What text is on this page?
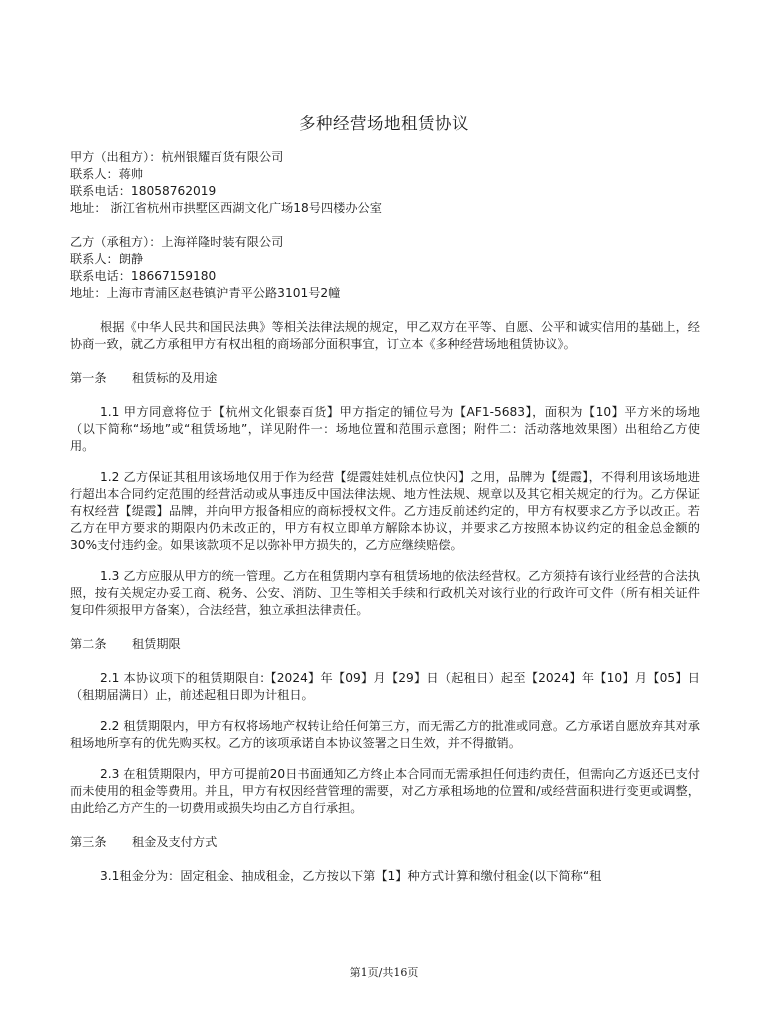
多种经营场地租赁协议
甲方（出租方）：杭州银耀百货有限公司
联系人：蒋帅
联系电话：18058762019
地址： 浙江省杭州市拱墅区西湖文化广场18号四楼办公室
乙方（承租方）：上海祥隆时装有限公司
联系人：朗静
联系电话：18667159180
地址：上海市青浦区赵巷镇沪青平公路3101号2幢
根据《中华人民共和国民法典》等相关法律法规的规定，甲乙双方在平等、自愿、公平和诚实信用的基础上，经协商一致，就乙方承租甲方有权出租的商场部分面积事宜，订立本《多种经营场地租赁协议》。
第一条 租赁标的及用途
1.1 甲方同意将位于【杭州文化银泰百货】甲方指定的铺位号为【AF1-5683】，面积为【10】平方米的场地（以下简称“场地”或“租赁场地”，详见附件一：场地位置和范围示意图；附件二：活动落地效果图）出租给乙方使用。
1.2 乙方保证其租用该场地仅用于作为经营【缇霞娃娃机点位快闪】之用，品牌为【缇霞】，不得利用该场地进行超出本合同约定范围的经营活动或从事违反中国法律法规、地方性法规、规章以及其它相关规定的行为。乙方保证有权经营【缇霞】品牌，并向甲方报备相应的商标授权文件。乙方违反前述约定的，甲方有权要求乙方予以改正。若乙方在甲方要求的期限内仍未改正的，甲方有权立即单方解除本协议，并要求乙方按照本协议约定的租金总金额的30%支付违约金。如果该款项不足以弥补甲方损失的，乙方应继续赔偿。
1.3 乙方应服从甲方的统一管理。乙方在租赁期内享有租赁场地的依法经营权。乙方须持有该行业经营的合法执照，按有关规定办妥工商、税务、公安、消防、卫生等相关手续和行政机关对该行业的行政许可文件（所有相关证件复印件须报甲方备案），合法经营，独立承担法律责任。
第二条 租赁期限
2.1 本协议项下的租赁期限自:【2024】年【09】月【29】日（起租日）起至【2024】年【10】月【05】日（租期届满日）止，前述起租日即为计租日。
2.2 租赁期限内，甲方有权将场地产权转让给任何第三方，而无需乙方的批准或同意。乙方承诺自愿放弃其对承租场地所享有的优先购买权。乙方的该项承诺自本协议签署之日生效，并不得撤销。
2.3 在租赁期限内，甲方可提前20日书面通知乙方终止本合同而无需承担任何违约责任，但需向乙方返还已支付而未使用的租金等费用。并且，甲方有权因经营管理的需要，对乙方承租场地的位置和/或经营面积进行变更或调整，由此给乙方产生的一切费用或损失均由乙方自行承担。
第三条 租金及支付方式
3.1租金分为：固定租金、抽成租金，乙方按以下第【1】种方式计算和缴付租金(以下简称“租
第1页/共16页
